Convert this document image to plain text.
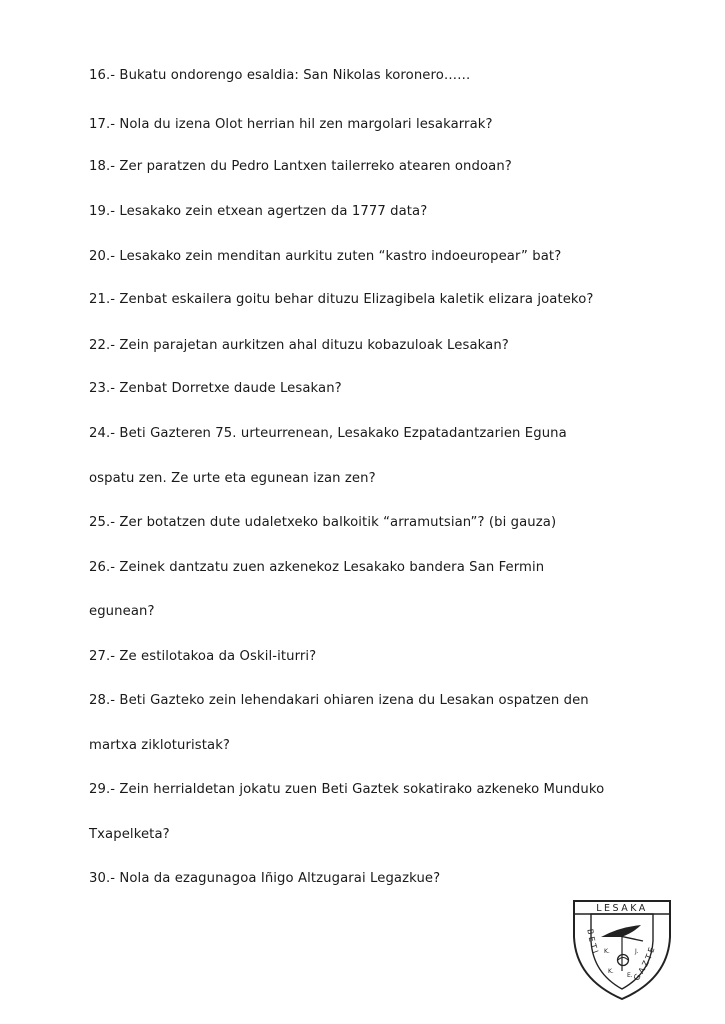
16.- Bukatu ondorengo esaldia: San Nikolas koronero……
17.- Nola du izena Olot herrian hil zen margolari lesakarrak?
18.- Zer paratzen du Pedro Lantxen tailerreko atearen ondoan?
19.- Lesakako zein etxean agertzen da 1777 data?
20.- Lesakako zein menditan aurkitu zuten “kastro indoeuropear” bat?
21.- Zenbat eskailera goitu behar dituzu Elizagibela kaletik elizara joateko?
22.- Zein parajetan aurkitzen ahal dituzu kobazuloak Lesakan?
23.- Zenbat Dorretxe daude Lesakan?
24.- Beti Gazteren 75. urteurrenean, Lesakako Ezpatadantzarien Eguna
ospatu zen. Ze urte eta egunean izan zen?
25.- Zer botatzen dute udaletxeko balkoitik “arramutsian”? (bi gauza)
26.- Zeinek dantzatu zuen azkenekoz Lesakako bandera San Fermin
egunean?
27.- Ze estilotakoa da Oskil-iturri?
28.- Beti Gazteko zein lehendakari ohiaren izena du Lesakan ospatzen den
martxa zikloturistak?
29.- Zein herrialdetan jokatu zuen Beti Gaztek sokatirako azkeneko Munduko
Txapelketa?
30.- Nola da ezagunagoa Iñigo Altzugarai Legazkue?
LESAKA
BETI
GAZTE
K.	J.
K.
E.
